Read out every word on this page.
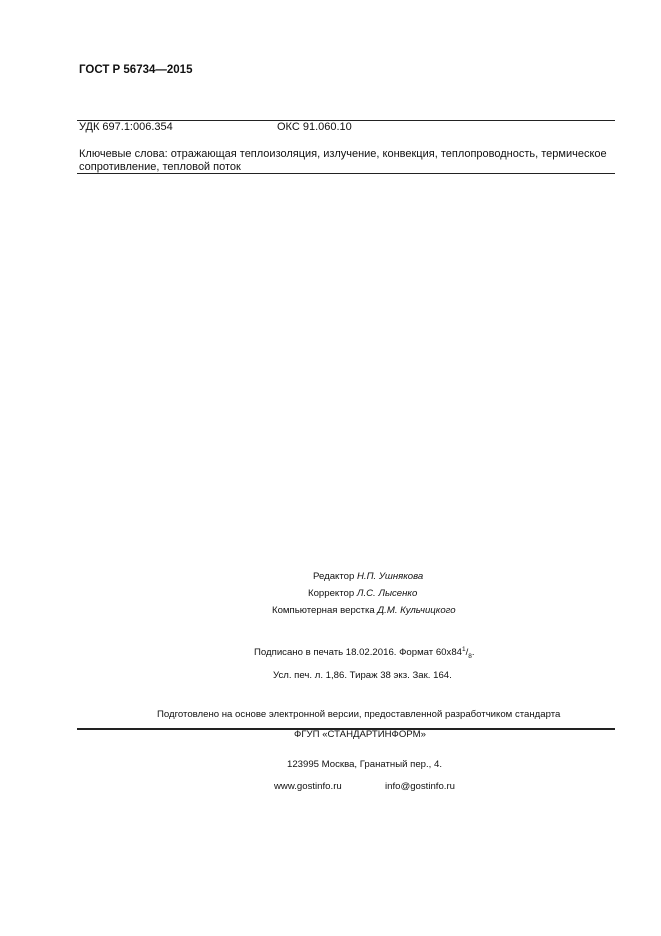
ГОСТ Р 56734—2015
УДК 697.1:006.354	ОКС 91.060.10
Ключевые слова: отражающая теплоизоляция, излучение, конвекция, теплопроводность, термическое
сопротивление, тепловой поток
Редактор Н.П. Ушнякова
Корректор Л.С. Лысенко
Компьютерная верстка Д.М. Кульчицкого
Подписано в печать 18.02.2016. Формат $60x84^1/_8$.
Усл. печ. л. 1,86. Тираж 38 экз. Зак. 164.
Подготовлено на основе электронной версии, предоставленной разработчиком стандарта
ФГУП «СТАНДАРТИНФОРМ»
123995 Москва, Гранатный пер., 4.
www.gostinfo.ru	info@gostinfo.ru
